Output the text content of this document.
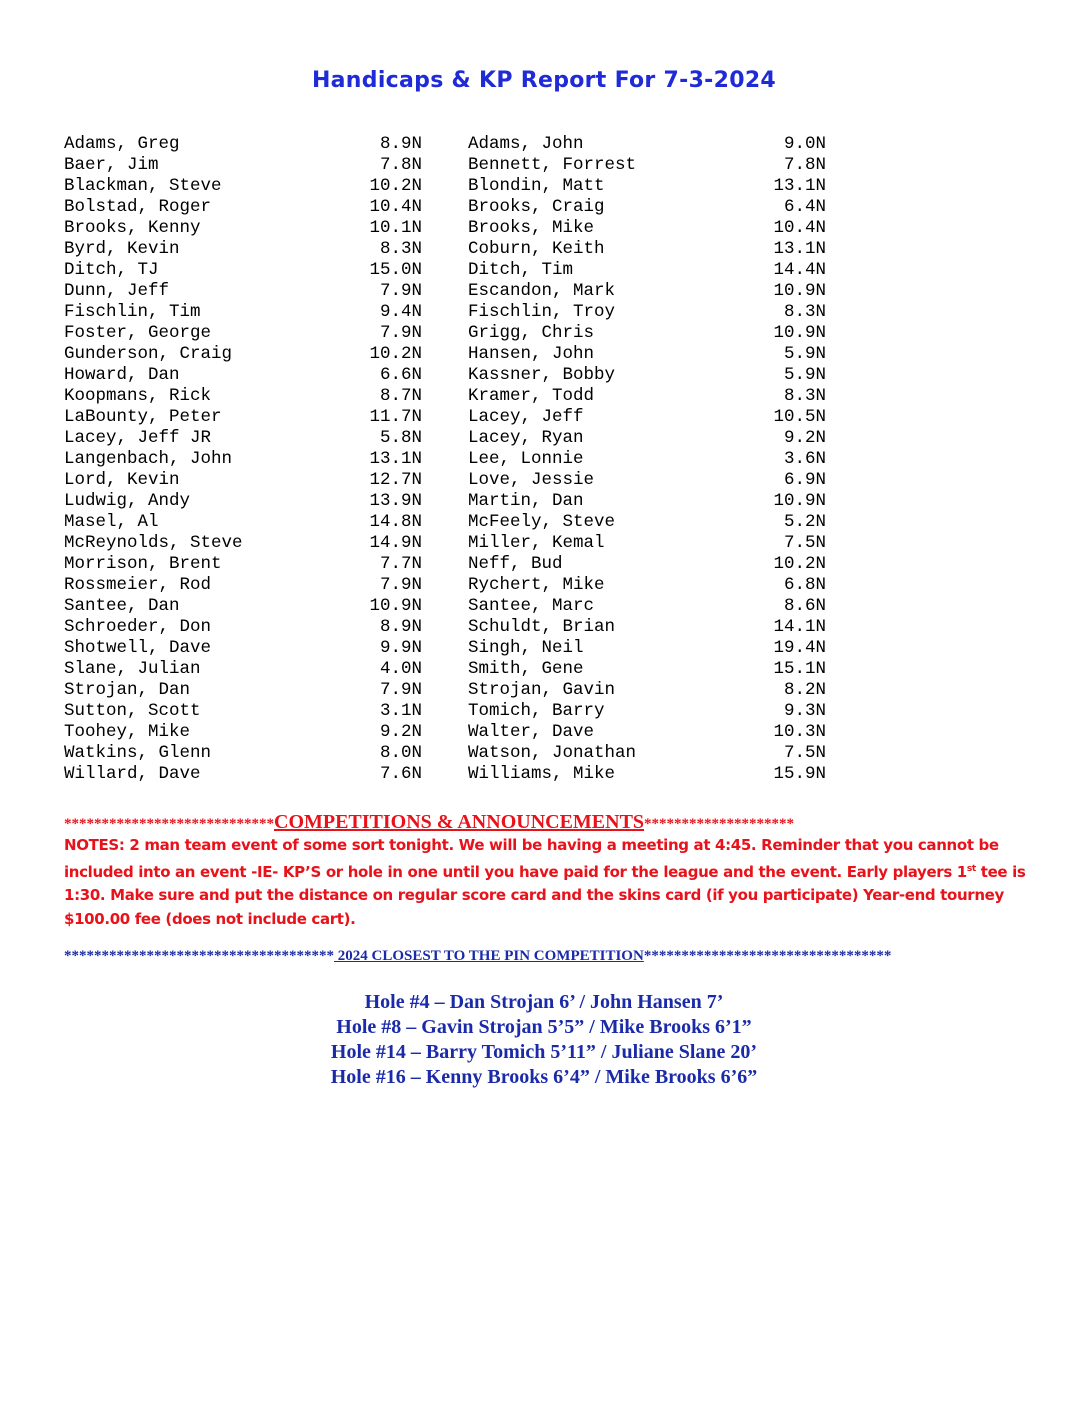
Handicaps & KP Report For 7-3-2024
Adams, Greg	8.9N	Adams, John	9.0N
Baer, Jim	7.8N	Bennett, Forrest	7.8N
Blackman, Steve	10.2N	Blondin, Matt	13.1N
Bolstad, Roger	10.4N	Brooks, Craig	6.4N
Brooks, Kenny	10.1N	Brooks, Mike	10.4N
Byrd, Kevin	8.3N	Coburn, Keith	13.1N
Ditch, TJ	15.0N	Ditch, Tim	14.4N
Dunn, Jeff	7.9N	Escandon, Mark	10.9N
Fischlin, Tim	9.4N	Fischlin, Troy	8.3N
Foster, George	7.9N	Grigg, Chris	10.9N
Gunderson, Craig	10.2N	Hansen, John	5.9N
Howard, Dan	6.6N	Kassner, Bobby	5.9N
Koopmans, Rick	8.7N	Kramer, Todd	8.3N
LaBounty, Peter	11.7N	Lacey, Jeff	10.5N
Lacey, Jeff JR	5.8N	Lacey, Ryan	9.2N
Langenbach, John	13.1N	Lee, Lonnie	3.6N
Lord, Kevin	12.7N	Love, Jessie	6.9N
Ludwig, Andy	13.9N	Martin, Dan	10.9N
Masel, Al	14.8N	McFeely, Steve	5.2N
McReynolds, Steve	14.9N	Miller, Kemal	7.5N
Morrison, Brent	7.7N	Neff, Bud	10.2N
Rossmeier, Rod	7.9N	Rychert, Mike	6.8N
Santee, Dan	10.9N	Santee, Marc	8.6N
Schroeder, Don	8.9N	Schuldt, Brian	14.1N
Shotwell, Dave	9.9N	Singh, Neil	19.4N
Slane, Julian	4.0N	Smith, Gene	15.1N
Strojan, Dan	7.9N	Strojan, Gavin	8.2N
Sutton, Scott	3.1N	Tomich, Barry	9.3N
Toohey, Mike	9.2N	Walter, Dave	10.3N
Watkins, Glenn	8.0N	Watson, Jonathan	7.5N
Willard, Dave	7.6N	Williams, Mike	15.9N
****************************COMPETITIONS & ANNOUNCEMENTS********************
NOTES: 2 man team event of some sort tonight. We will be having a meeting at 4:45. Reminder that you cannot be included into an event -IE- KP’S or hole in one until you have paid for the league and the event. Early players 1st tee is 1:30. Make sure and put the distance on regular score card and the skins card (if you participate) Year-end tourney $100.00 fee (does not include cart).
************************************ 2024 CLOSEST TO THE PIN COMPETITION*********************************
Hole #4 – Dan Strojan 6’ / John Hansen 7’
Hole #8 – Gavin Strojan 5’5” / Mike Brooks 6’1”
Hole #14 – Barry Tomich 5’11” / Juliane Slane 20’
Hole #16 – Kenny Brooks 6’4” / Mike Brooks 6’6”
